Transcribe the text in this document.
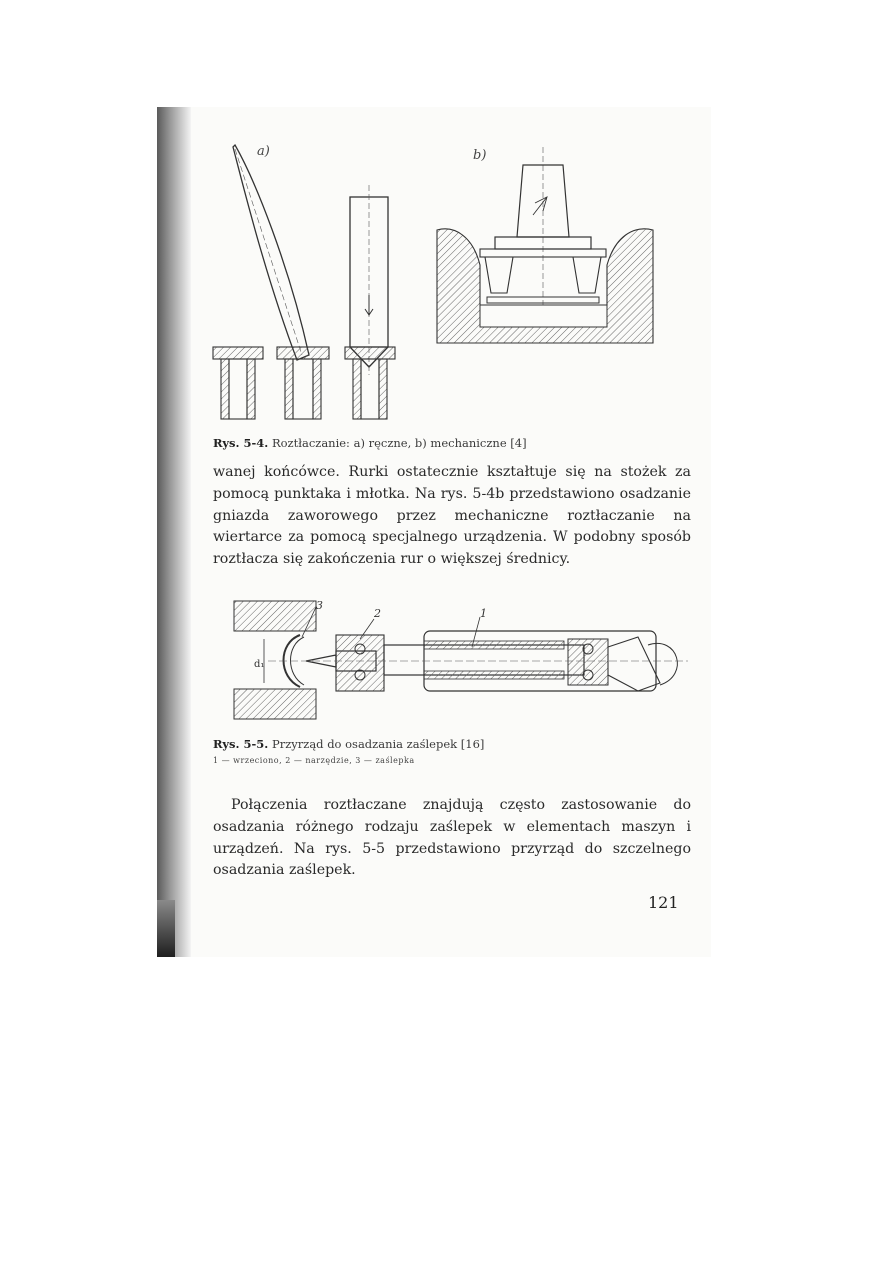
a)	b)
Rys. 5-4. Roztłaczanie: a) ręczne, b) mechaniczne [4]

wanej końcówce. Rurki ostatecznie kształtuje się na stożek za pomocą punktaka i młotka. Na rys. 5-4b przedstawiono osadzanie gniazda zaworowego przez mechaniczne roztłaczanie na wiertarce za pomocą specjalnego urządzenia. W podobny sposób roztłacza się zakończenia rur o większej średnicy.

d₁
3
2	1
Rys. 5-5. Przyrząd do osadzania zaślepek [16]
1 — wrzeciono, 2 — narzędzie, 3 — zaślepka

Połączenia roztłaczane znajdują często zastosowanie do osadzania różnego rodzaju zaślepek w elementach maszyn i urządzeń. Na rys. 5-5 przedstawiono przyrząd do szczelnego osadzania zaślepek.

121
